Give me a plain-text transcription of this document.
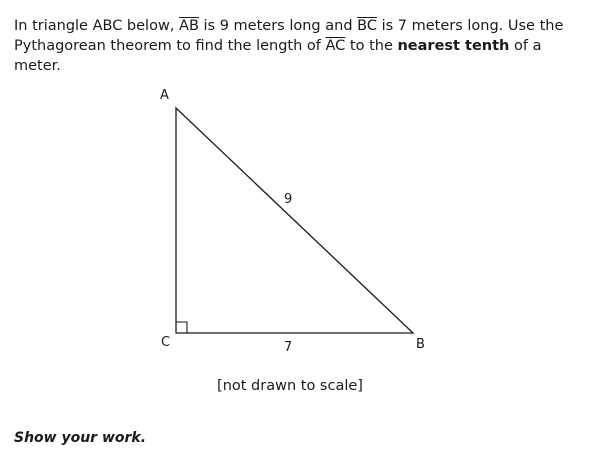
In triangle ABC below, $\overline{AB}$ is 9 meters long and $\overline{BC}$ is 7 meters long. Use the Pythagorean theorem to find the length of $\overline{AC}$ to the nearest tenth of a meter.

A
B
C
9
7
[not drawn to scale]
Show your work.
